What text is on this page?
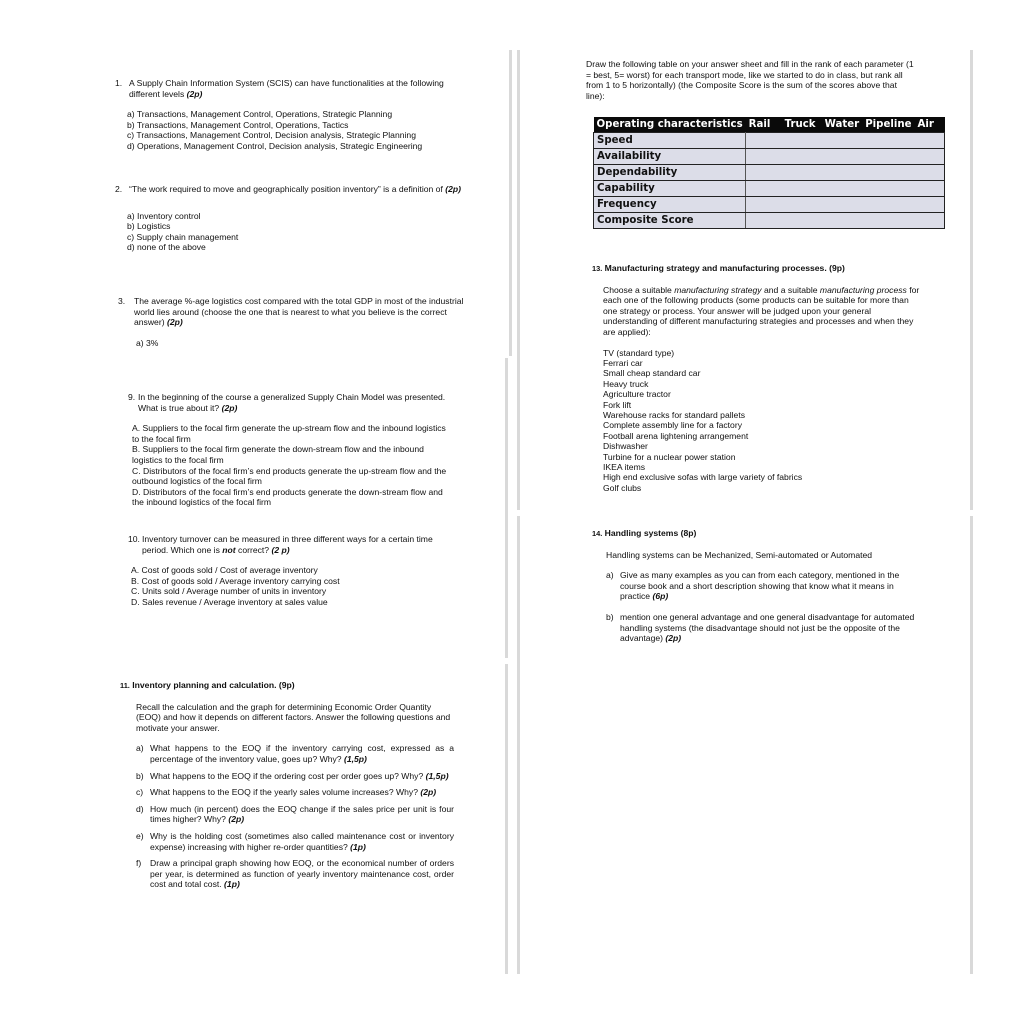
1. A Supply Chain Information System (SCIS) can have functionalities at the following different levels (2p)

a) Transactions, Management Control, Operations, Strategic Planning

b) Transactions, Management Control, Operations, Tactics

c) Transactions, Management Control, Decision analysis, Strategic Planning

d) Operations, Management Control, Decision analysis, Strategic Engineering

2. “The work required to move and geographically position inventory” is a definition of (2p)

a) Inventory control

b) Logistics

c) Supply chain management

d) none of the above

3.	The average %-age logistics cost compared with the total GDP in most of the industrial world lies around (choose the one that is nearest to what you believe is the correct answer) (2p)

a) 3%

9. In the beginning of the course a generalized Supply Chain Model was presented. What is true about it? (2p)

A. Suppliers to the focal firm generate the up-stream flow and the inbound logistics to the focal firm

B. Suppliers to the focal firm generate the down-stream flow and the inbound logistics to the focal firm

C. Distributors of the focal firm’s end products generate the up-stream flow and the outbound logistics of the focal firm

D. Distributors of the focal firm’s end products generate the down-stream flow and the inbound logistics of the focal firm

10. Inventory turnover can be measured in three different ways for a certain time period. Which one is not correct? (2 p)

A. Cost of goods sold / Cost of average inventory

B. Cost of goods sold / Average inventory carrying cost

C. Units sold / Average number of units in inventory

D. Sales revenue / Average inventory at sales value

11. Inventory planning and calculation. (9p)

Recall the calculation and the graph for determining Economic Order Quantity (EOQ) and how it depends on different factors. Answer the following questions and motivate your answer.

a) What happens to the EOQ if the inventory carrying cost, expressed as a percentage of the inventory value, goes up? Why? (1,5p)
b) What happens to the EOQ if the ordering cost per order goes up? Why? (1,5p)
c) What happens to the EOQ if the yearly sales volume increases? Why? (2p)
d) How much (in percent) does the EOQ change if the sales price per unit is four times higher? Why? (2p)
e) Why is the holding cost (sometimes also called maintenance cost or inventory expense) increasing with higher re-order quantities? (1p)
f)	Draw a principal graph showing how EOQ, or the economical number of orders per year, is determined as function of yearly inventory maintenance cost, order cost and total cost. (1p)

Draw the following table on your answer sheet and fill in the rank of each parameter (1 = best, 5= worst) for each transport mode, like we started to do in class, but rank all from 1 to 5 horizontally) (the Composite Score is the sum of the scores above that line):

Operating characteristics	Rail	Truck	Water	Pipeline	Air
Speed					
Availability					
Dependability					
Capability					
Frequency					
Composite Score					
13. Manufacturing strategy and manufacturing processes. (9p)

Choose a suitable manufacturing strategy and a suitable manufacturing process for each one of the following products (some products can be suitable for more than one strategy or process. Your answer will be judged upon your general understanding of different manufacturing strategies and processes and when they are applied):

TV (standard type)

Ferrari car

Small cheap standard car

Heavy truck

Agriculture tractor

Fork lift

Warehouse racks for standard pallets

Complete assembly line for a factory

Football arena lightening arrangement

Dishwasher

Turbine for a nuclear power station

IKEA items

High end exclusive sofas with large variety of fabrics

Golf clubs

14. Handling systems (8p)

Handling systems can be Mechanized, Semi-automated or Automated

a) Give as many examples as you can from each category, mentioned in the course book and a short description showing that know what it means in practice (6p)
b) mention one general advantage and one general disadvantage for automated handling systems (the disadvantage should not just be the opposite of the advantage) (2p)
